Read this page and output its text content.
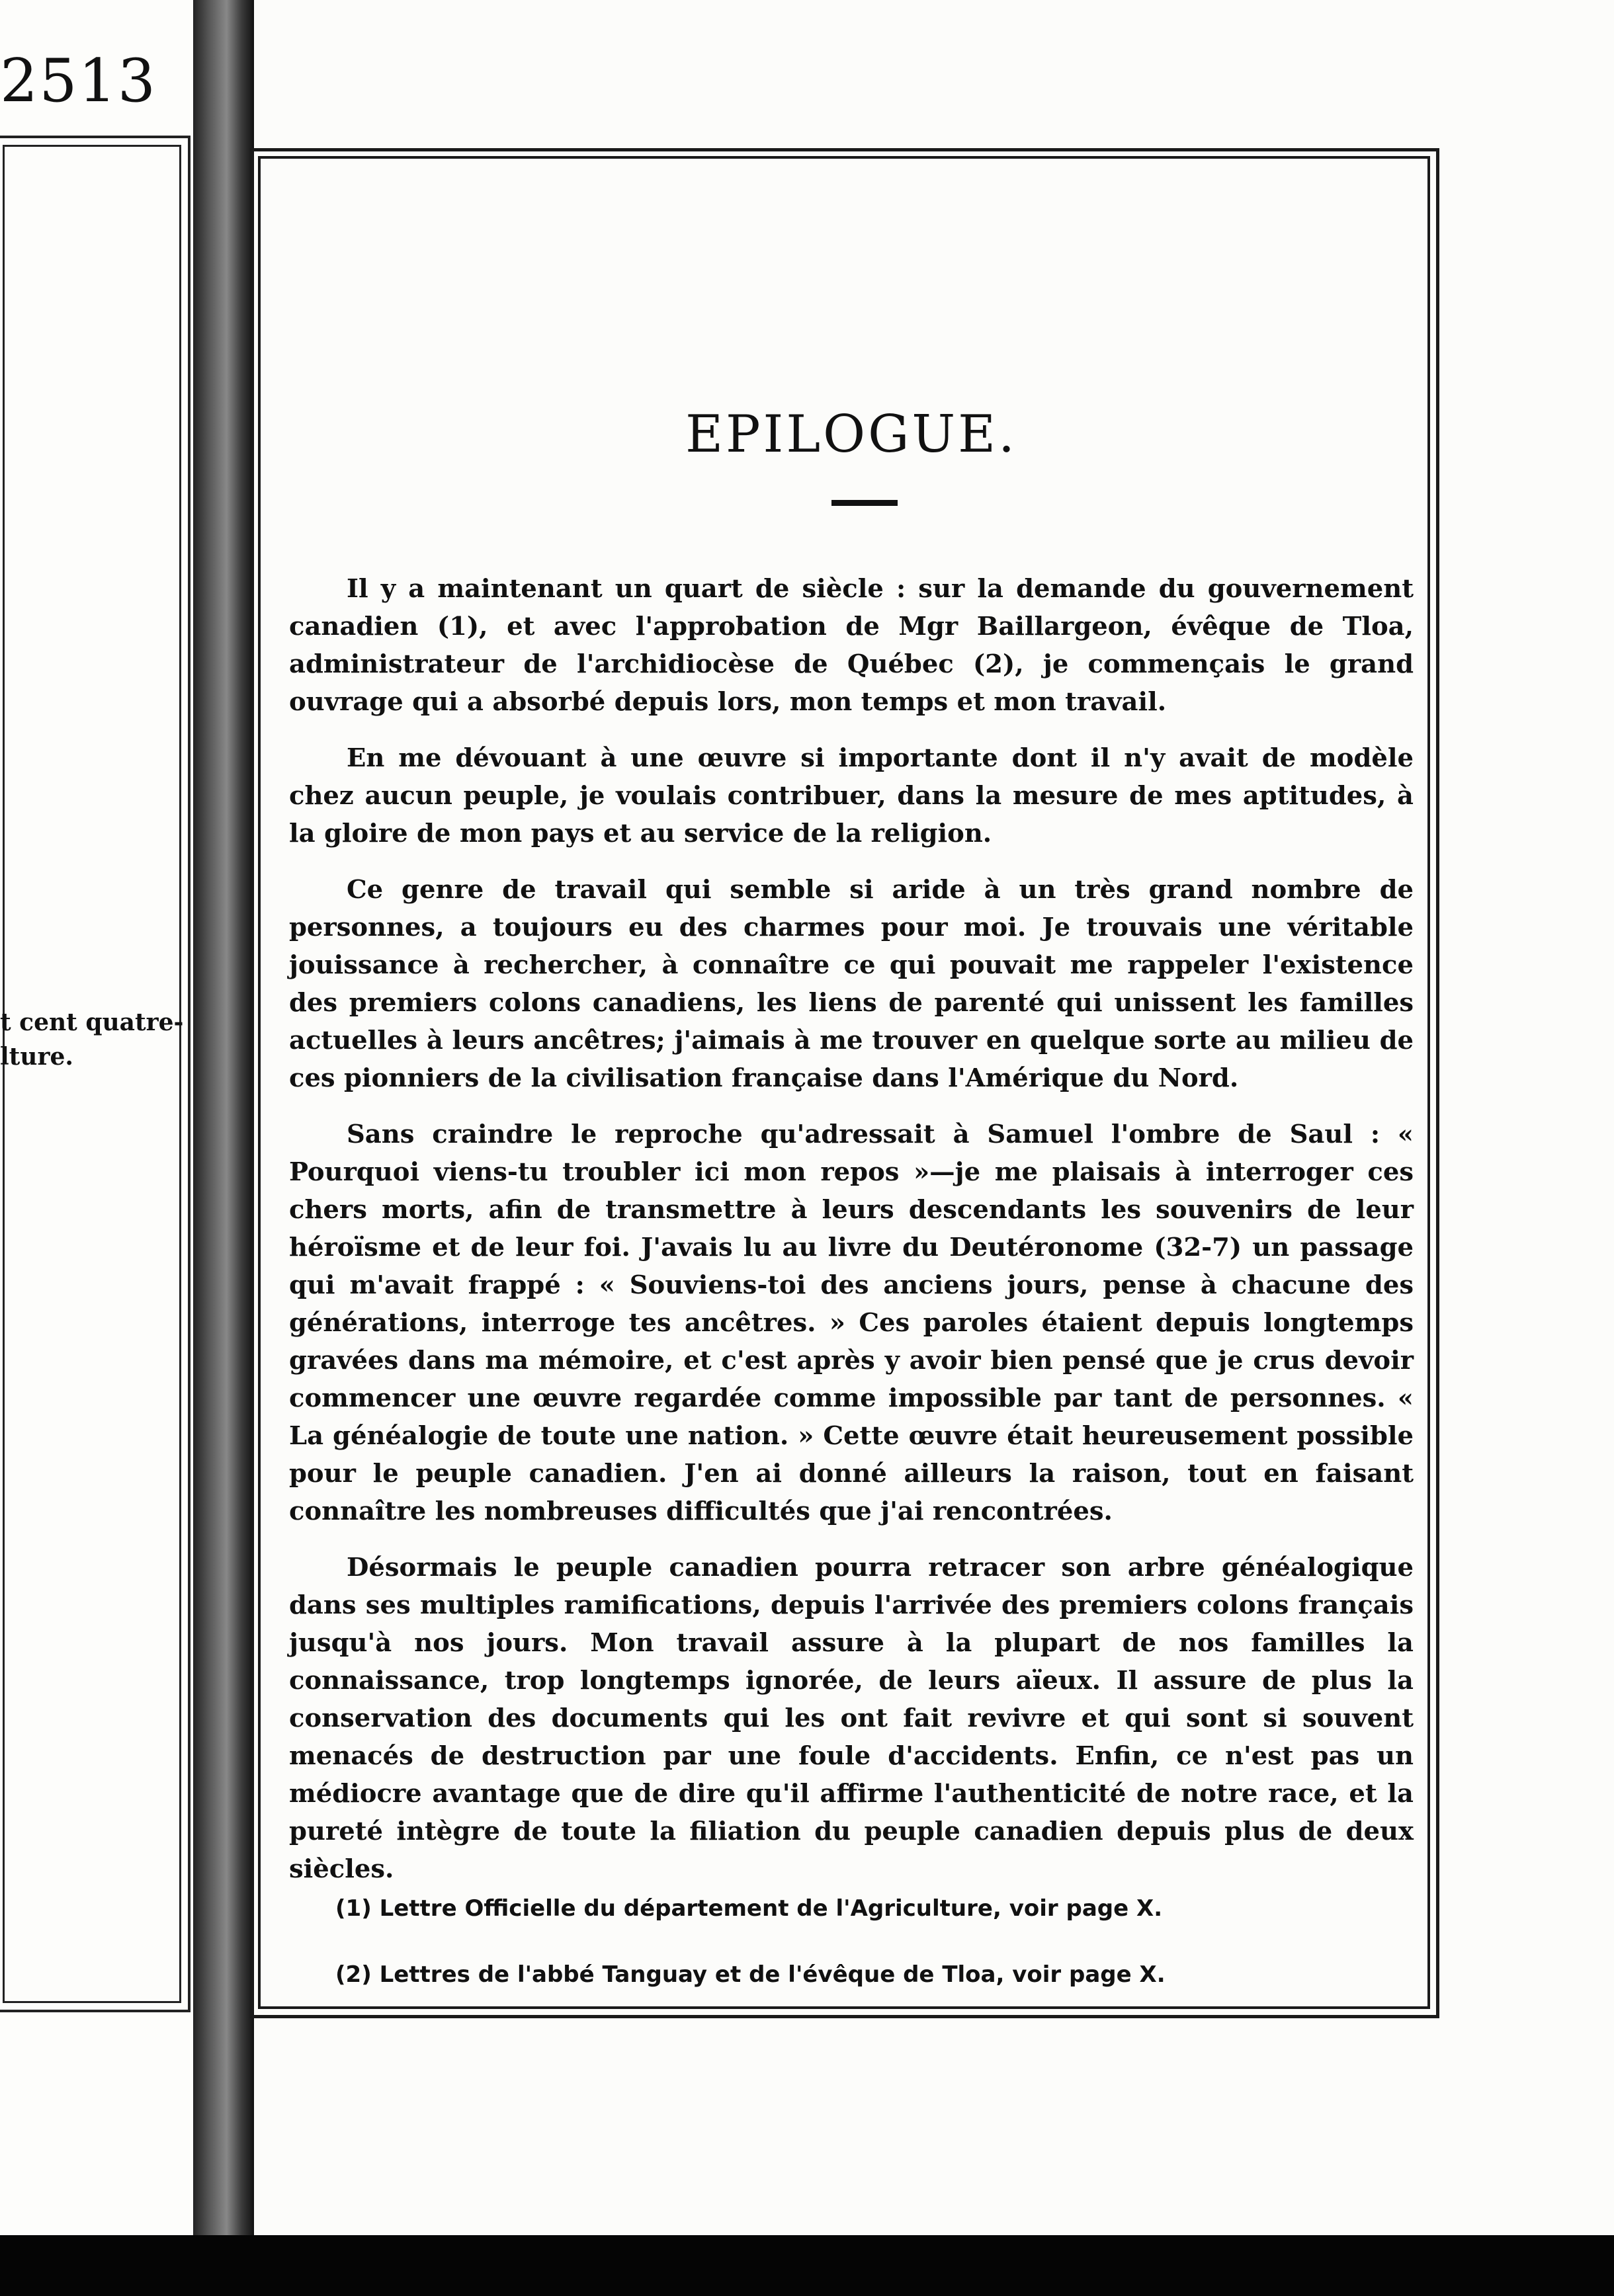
2513
t cent quatre-
lture.
EPILOGUE.

Il y a maintenant un quart de siècle : sur la demande du gouvernement canadien (1), et avec l'approbation de Mgr Baillargeon, évêque de Tloa, administrateur de l'archidiocèse de Québec (2), je commençais le grand ouvrage qui a absorbé depuis lors, mon temps et mon travail.

En me dévouant à une œuvre si importante dont il n'y avait de modèle chez aucun peuple, je voulais contribuer, dans la mesure de mes aptitudes, à la gloire de mon pays et au service de la religion.

Ce genre de travail qui semble si aride à un très grand nombre de personnes, a toujours eu des charmes pour moi. Je trouvais une véritable jouissance à rechercher, à connaître ce qui pouvait me rappeler l'existence des premiers colons canadiens, les liens de parenté qui unissent les familles actuelles à leurs ancêtres; j'aimais à me trouver en quelque sorte au milieu de ces pionniers de la civilisation française dans l'Amérique du Nord.

Sans craindre le reproche qu'adressait à Samuel l'ombre de Saul : « Pourquoi viens-tu troubler ici mon repos »—je me plaisais à interroger ces chers morts, afin de transmettre à leurs descendants les souvenirs de leur héroïsme et de leur foi. J'avais lu au livre du Deutéronome (32-7) un passage qui m'avait frappé : « Souviens-toi des anciens jours, pense à chacune des générations, interroge tes ancêtres. » Ces paroles étaient depuis longtemps gravées dans ma mémoire, et c'est après y avoir bien pensé que je crus devoir commencer une œuvre regardée comme impossible par tant de personnes. « La généalogie de toute une nation. » Cette œuvre était heureusement possible pour le peuple canadien. J'en ai donné ailleurs la raison, tout en faisant connaître les nombreuses difficultés que j'ai rencontrées.

Désormais le peuple canadien pourra retracer son arbre généalogique dans ses multiples ramifications, depuis l'arrivée des premiers colons français jusqu'à nos jours. Mon travail assure à la plupart de nos familles la connaissance, trop longtemps ignorée, de leurs aïeux. Il assure de plus la conservation des documents qui les ont fait revivre et qui sont si souvent menacés de destruction par une foule d'accidents. Enfin, ce n'est pas un médiocre avantage que de dire qu'il affirme l'authenticité de notre race, et la pureté intègre de toute la filiation du peuple canadien depuis plus de deux siècles.

(1) Lettre Officielle du département de l'Agriculture, voir page X.
(2) Lettres de l'abbé Tanguay et de l'évêque de Tloa, voir page X.
